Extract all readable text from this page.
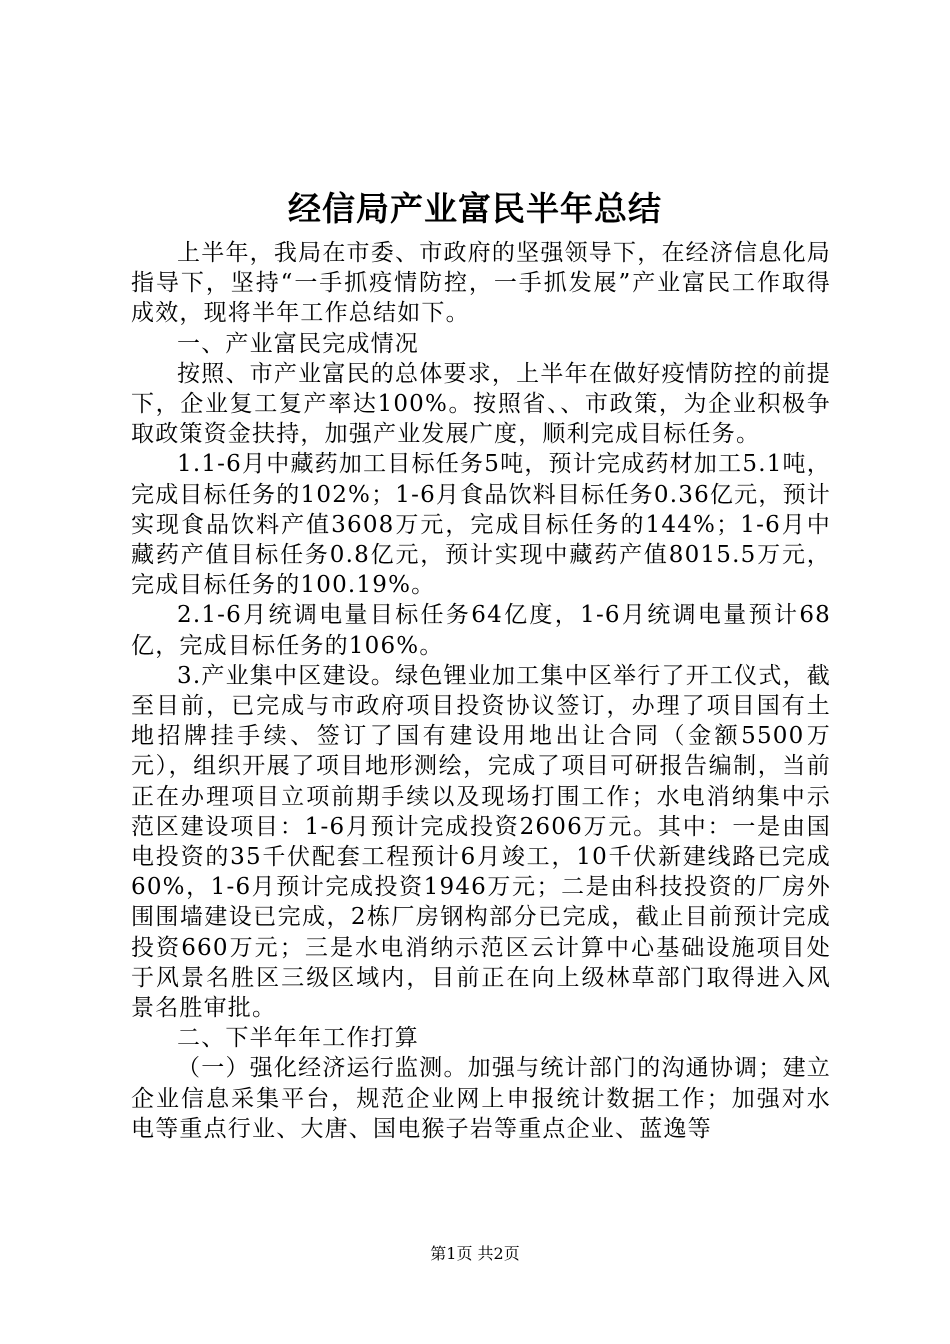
经信局产业富民半年总结

上半年，我局在市委、市政府的坚强领导下，在经济信息化局指导下，坚持“一手抓疫情防控，一手抓发展”产业富民工作取得成效，现将半年工作总结如下。

一、产业富民完成情况

按照、市产业富民的总体要求，上半年在做好疫情防控的前提下，企业复工复产率达100%。按照省、、市政策，为企业积极争取政策资金扶持，加强产业发展广度，顺利完成目标任务。

1.1-6月中藏药加工目标任务5吨，预计完成药材加工5.1吨，完成目标任务的102%；1-6月食品饮料目标任务0.36亿元，预计实现食品饮料产值3608万元，完成目标任务的144%；1-6月中藏药产值目标任务0.8亿元，预计实现中藏药产值8015.5万元，完成目标任务的100.19%。

2.1-6月统调电量目标任务64亿度，1-6月统调电量预计68亿，完成目标任务的106%。

3.产业集中区建设。绿色锂业加工集中区举行了开工仪式，截至目前，已完成与市政府项目投资协议签订，办理了项目国有土地招牌挂手续、签订了国有建设用地出让合同（金额5500万元），组织开展了项目地形测绘，完成了项目可研报告编制，当前正在办理项目立项前期手续以及现场打围工作；水电消纳集中示范区建设项目：1-6月预计完成投资2606万元。其中：一是由国电投资的35千伏配套工程预计6月竣工，10千伏新建线路已完成60%，1-6月预计完成投资1946万元；二是由科技投资的厂房外围围墙建设已完成，2栋厂房钢构部分已完成，截止目前预计完成投资660万元；三是水电消纳示范区云计算中心基础设施项目处于风景名胜区三级区域内，目前正在向上级林草部门取得进入风景名胜审批。

二、下半年年工作打算

（一）强化经济运行监测。加强与统计部门的沟通协调；建立企业信息采集平台，规范企业网上申报统计数据工作；加强对水电等重点行业、大唐、国电猴子岩等重点企业、蓝逸等

第1页 共2页
